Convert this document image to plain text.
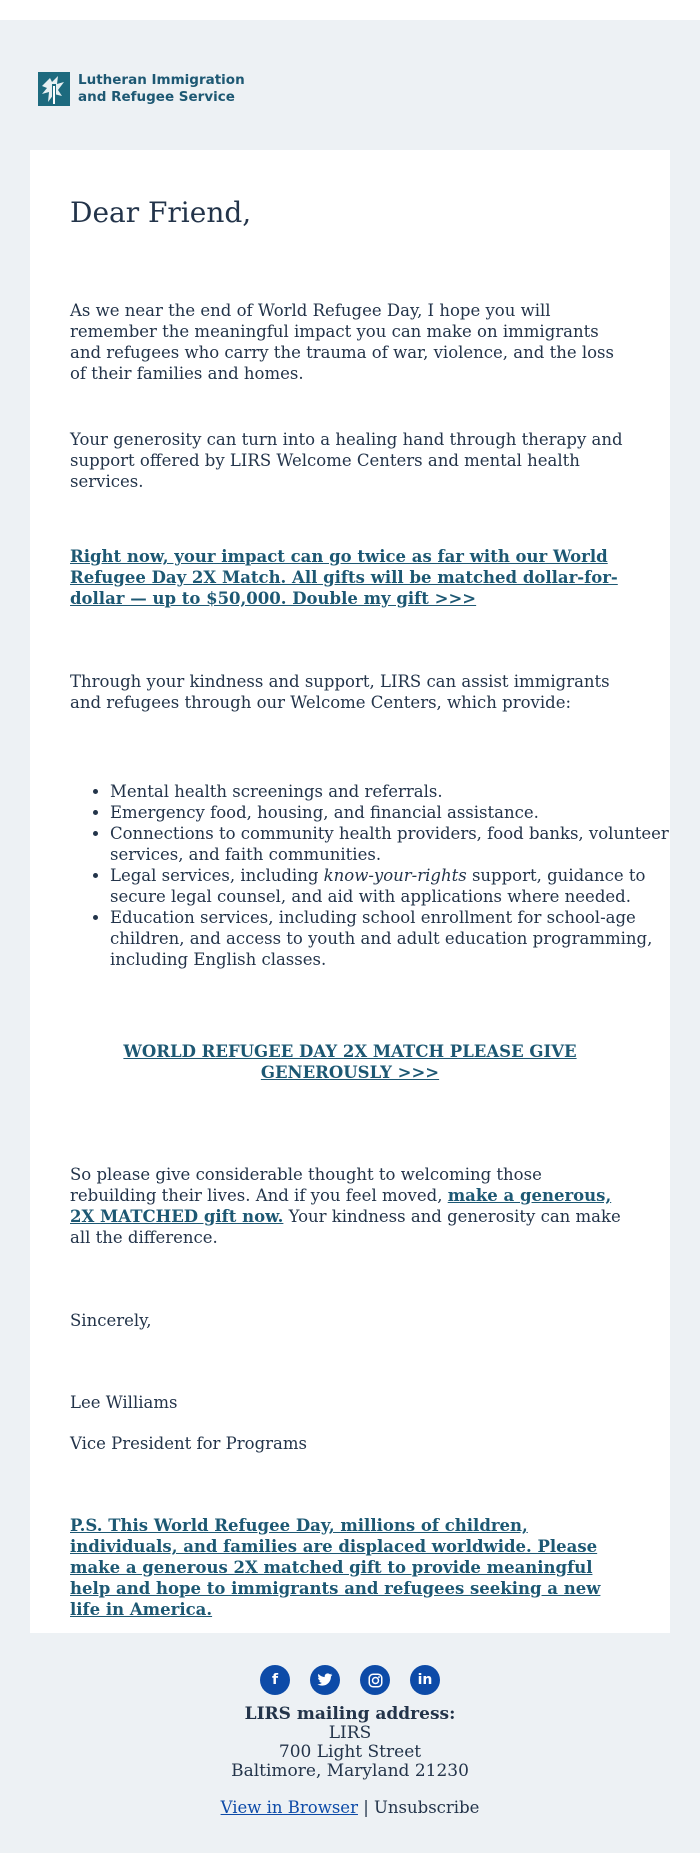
Lutheran Immigration
and Refugee Service
Dear Friend,

As we near the end of World Refugee Day, I hope you will remember the meaningful impact you can make on immigrants and refugees who carry the trauma of war, violence, and the loss of their families and homes.

Your generosity can turn into a healing hand through therapy and support offered by LIRS Welcome Centers and mental health services.

Right now, your impact can go twice as far with our World Refugee Day 2X Match. All gifts will be matched dollar-for-dollar — up to $50,000. Double my gift >>>

Through your kindness and support, LIRS can assist immigrants and refugees through our Welcome Centers, which provide:

• Mental health screenings and referrals.
• Emergency food, housing, and financial assistance.
• Connections to community health providers, food banks, volunteer services, and faith communities.
• Legal services, including know-your-rights support, guidance to secure legal counsel, and aid with applications where needed.
• Education services, including school enrollment for school-age children, and access to youth and adult education programming, including English classes.

WORLD REFUGEE DAY 2X MATCH PLEASE GIVE GENEROUSLY >>>

So please give considerable thought to welcoming those rebuilding their lives. And if you feel moved, make a generous, 2X MATCHED gift now. Your kindness and generosity can make all the difference.

Sincerely,

Lee Williams

Vice President for Programs

P.S. This World Refugee Day, millions of children, individuals, and families are displaced worldwide. Please make a generous 2X matched gift to provide meaningful help and hope to immigrants and refugees seeking a new life in America.

f	in

LIRS mailing address:

LIRS
700 Light Street
Baltimore, Maryland 21230
View in Browser | Unsubscribe
